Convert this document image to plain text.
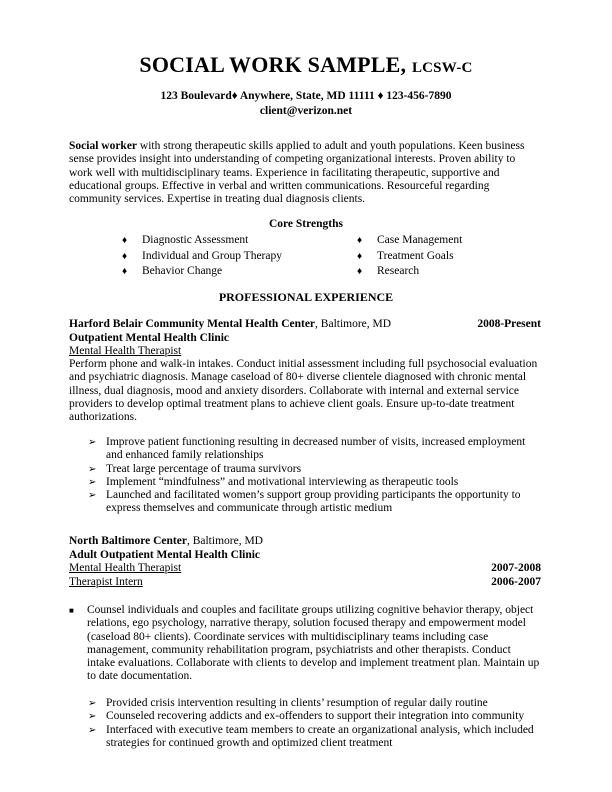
SOCIAL WORK SAMPLE, LCSW-C
123 Boulevard♦ Anywhere, State, MD 11111 ♦ 123-456-7890
client@verizon.net
Social worker with strong therapeutic skills applied to adult and youth populations. Keen business sense provides insight into understanding of competing organizational interests. Proven ability to work well with multidisciplinary teams. Experience in facilitating therapeutic, supportive and educational groups. Effective in verbal and written communications. Resourceful regarding community services. Expertise in treating dual diagnosis clients.
Core Strengths
♦ Diagnostic Assessment
♦ Individual and Group Therapy
♦ Behavior Change
♦ Case Management
♦ Treatment Goals
♦ Research
PROFESSIONAL EXPERIENCE
Harford Belair Community Mental Health Center, Baltimore, MD	2008-Present
Outpatient Mental Health Clinic
Mental Health Therapist
Perform phone and walk-in intakes. Conduct initial assessment including full psychosocial evaluation and psychiatric diagnosis. Manage caseload of 80+ diverse clientele diagnosed with chronic mental illness, dual diagnosis, mood and anxiety disorders. Collaborate with internal and external service providers to develop optimal treatment plans to achieve client goals. Ensure up-to-date treatment authorizations.
➢ Improve patient functioning resulting in decreased number of visits, increased employment and enhanced family relationships
➢ Treat large percentage of trauma survivors
➢ Implement “mindfulness” and motivational interviewing as therapeutic tools
➢ Launched and facilitated women’s support group providing participants the opportunity to express themselves and communicate through artistic medium
North Baltimore Center, Baltimore, MD
Adult Outpatient Mental Health Clinic
Mental Health Therapist	2007-2008
Therapist Intern	2006-2007
■	Counsel individuals and couples and facilitate groups utilizing cognitive behavior therapy, object relations, ego psychology, narrative therapy, solution focused therapy and empowerment model (caseload 80+ clients). Coordinate services with multidisciplinary teams including case management, community rehabilitation program, psychiatrists and other therapists. Conduct intake evaluations. Collaborate with clients to develop and implement treatment plan. Maintain up to date documentation.
➢ Provided crisis intervention resulting in clients’ resumption of regular daily routine
➢ Counseled recovering addicts and ex-offenders to support their integration into community
➢ Interfaced with executive team members to create an organizational analysis, which included strategies for continued growth and optimized client treatment
